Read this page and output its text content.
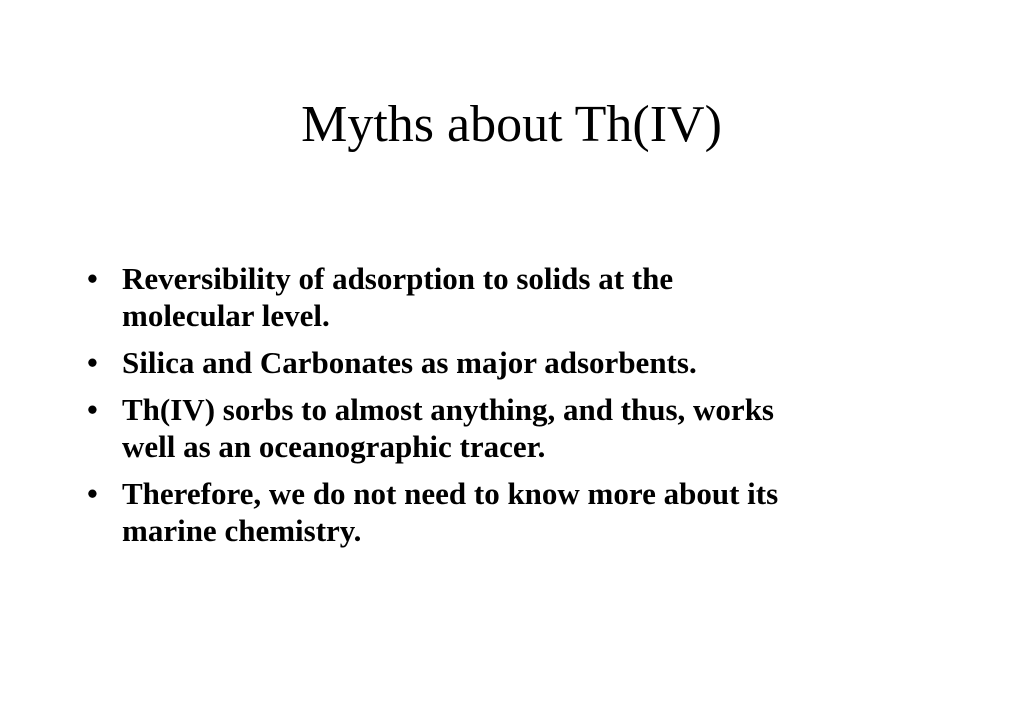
Myths about Th(IV)
• Reversibility of adsorption to solids at the
molecular level.
• Silica and Carbonates as major adsorbents.
• Th(IV) sorbs to almost anything, and thus, works
well as an oceanographic tracer.
• Therefore, we do not need to know more about its
marine chemistry.
